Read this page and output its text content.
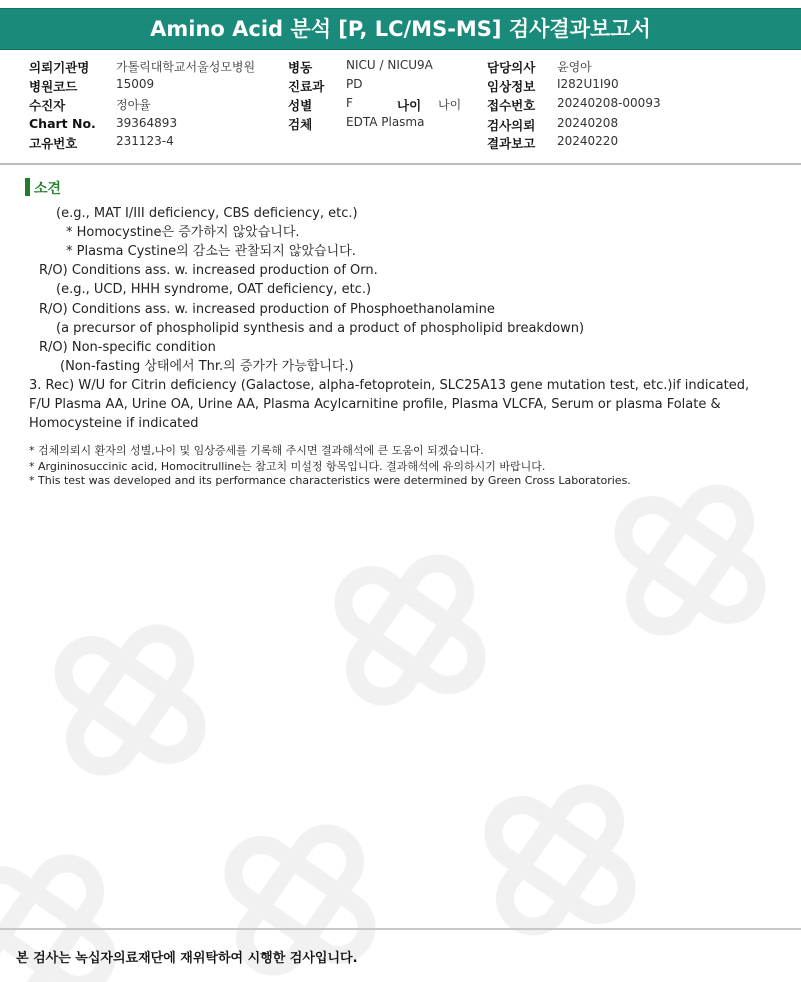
Amino Acid 분석 [P, LC/MS-MS] 검사결과보고서
의뢰기관명 가톨릭대학교서울성모병원
병원코드	15009
수진자	정아율
Chart No. 39364893
고유번호	231123-4
병동	NICU / NICU9A
진료과 PD
성별	F	나이 나이
검체	EDTA Plasma
담당의사 윤영아
임상정보 I282U1I90
접수번호 20240208-00093
검사의뢰 20240208
결과보고 20240220
소견
(e.g., MAT I/III deficiency, CBS deficiency, etc.)
* Homocystine은 증가하지 않았습니다.
* Plasma Cystine의 감소는 관찰되지 않았습니다.
R/O) Conditions ass. w. increased production of Orn.
(e.g., UCD, HHH syndrome, OAT deficiency, etc.)
R/O) Conditions ass. w. increased production of Phosphoethanolamine
(a precursor of phospholipid synthesis and a product of phospholipid breakdown)
R/O) Non-specific condition
(Non-fasting 상태에서 Thr.의 증가가 가능합니다.)
3. Rec) W/U for Citrin deficiency (Galactose, alpha-fetoprotein, SLC25A13 gene mutation test, etc.)if indicated, F/U Plasma AA, Urine OA, Urine AA, Plasma Acylcarnitine profile, Plasma VLCFA, Serum or plasma Folate & Homocysteine if indicated
* 검체의뢰시 환자의 성별,나이 및 임상증세를 기록해 주시면 결과해석에 큰 도움이 되겠습니다.
* Argininosuccinic acid, Homocitrulline는 참고치 미설정 항목입니다. 결과해석에 유의하시기 바랍니다.
* This test was developed and its performance characteristics were determined by Green Cross Laboratories.
본 검사는 녹십자의료재단에 재위탁하여 시행한 검사입니다.
